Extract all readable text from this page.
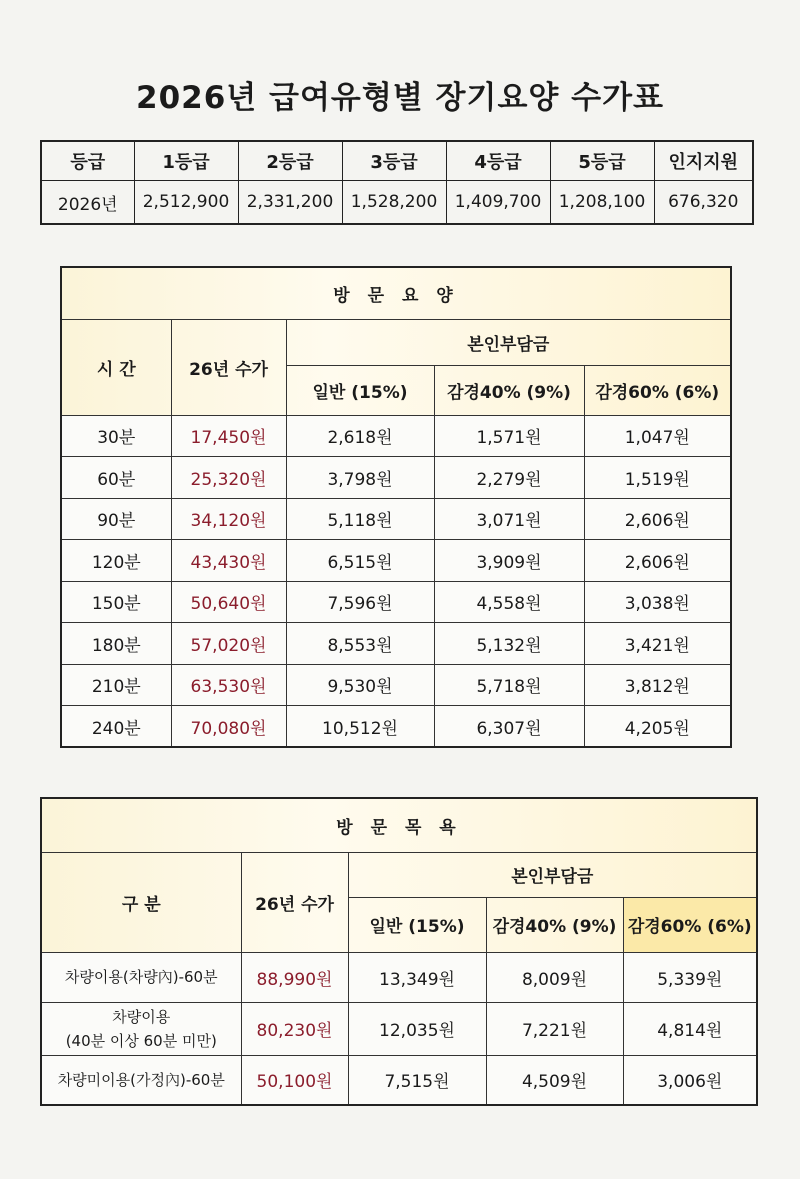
2026년 급여유형별 장기요양 수가표
등급	1등급	2등급	3등급	4등급	5등급	인지지원
2026년	2,512,900	2,331,200	1,528,200	1,409,700	1,208,100	676,320
방 문 요 양				
시 간	26년 수가	본인부담금		
		일반 (15%)	감경40% (9%)	감경60% (6%)
30분	17,450원	2,618원	1,571원	1,047원
60분	25,320원	3,798원	2,279원	1,519원
90분	34,120원	5,118원	3,071원	2,606원
120분	43,430원	6,515원	3,909원	2,606원
150분	50,640원	7,596원	4,558원	3,038원
180분	57,020원	8,553원	5,132원	3,421원
210분	63,530원	9,530원	5,718원	3,812원
240분	70,080원	10,512원	6,307원	4,205원
방 문 목 욕				
구 분	26년 수가	본인부담금		
		일반 (15%)	감경40% (9%)	감경60% (6%)

차량이용(차량內)-60분	88,990원	13,349원	8,009원	5,339원

차량이용
(40분 이상 60분 미만)	80,230원	12,035원	7,221원	4,814원

차량미이용(가정內)-60분	50,100원	7,515원	4,509원	3,006원
